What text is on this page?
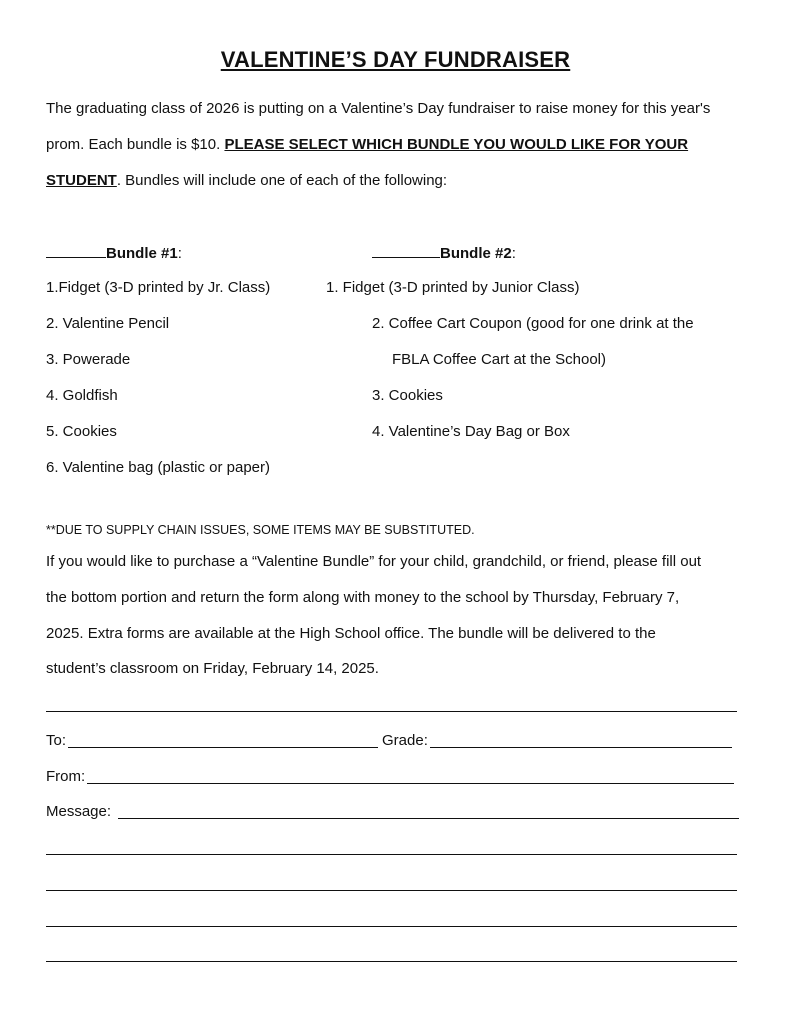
VALENTINE’S DAY FUNDRAISER
The graduating class of 2026 is putting on a Valentine’s Day fundraiser to raise money for this year's
prom. Each bundle is $10. PLEASE SELECT WHICH BUNDLE YOU WOULD LIKE FOR YOUR
STUDENT. Bundles will include one of each of the following:
Bundle #1:
1.Fidget (3-D printed by Jr. Class)
2. Valentine Pencil
3. Powerade
4. Goldfish
5. Cookies
6. Valentine bag (plastic or paper)
Bundle #2:
1. Fidget (3-D printed by Junior Class)
2. Coffee Cart Coupon (good for one drink at the
FBLA Coffee Cart at the School)
3. Cookies
4. Valentine’s Day Bag or Box
**DUE TO SUPPLY CHAIN ISSUES, SOME ITEMS MAY BE SUBSTITUTED.
If you would like to purchase a “Valentine Bundle” for your child, grandchild, or friend, please fill out
the bottom portion and return the form along with money to the school by Thursday, February 7,
2025. Extra forms are available at the High School office. The bundle will be delivered to the
student’s classroom on Friday, February 14, 2025.
To:	Grade:
From:
Message:
